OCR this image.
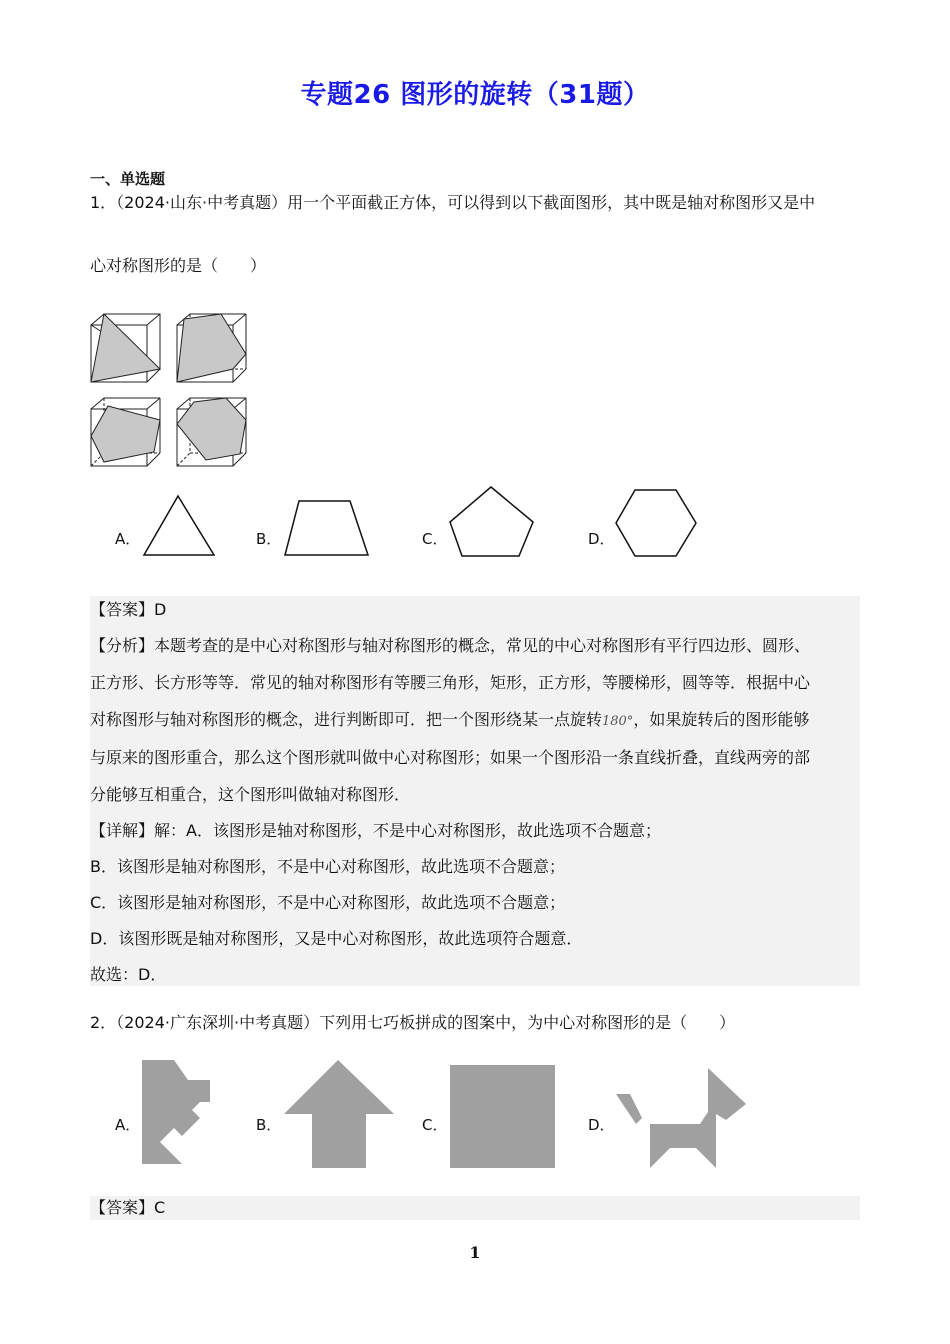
专题26 图形的旋转（31题）
一、单选题
1．（2024·山东·中考真题）用一个平面截正方体，可以得到以下截面图形，其中既是轴对称图形又是中
心对称图形的是（　　）
A．	B．	C．	D．
【答案】D
【分析】本题考查的是中心对称图形与轴对称图形的概念，常见的中心对称图形有平行四边形、圆形、
正方形、长方形等等．常见的轴对称图形有等腰三角形，矩形，正方形，等腰梯形，圆等等．根据中心
对称图形与轴对称图形的概念，进行判断即可．把一个图形绕某一点旋转180°，如果旋转后的图形能够
与原来的图形重合，那么这个图形就叫做中心对称图形；如果一个图形沿一条直线折叠，直线两旁的部
分能够互相重合，这个图形叫做轴对称图形．
【详解】解：A．该图形是轴对称图形，不是中心对称图形，故此选项不合题意；
B．该图形是轴对称图形，不是中心对称图形，故此选项不合题意；
C．该图形是轴对称图形，不是中心对称图形，故此选项不合题意；
D．该图形既是轴对称图形，又是中心对称图形，故此选项符合题意．
故选：D．
2．（2024·广东深圳·中考真题）下列用七巧板拼成的图案中，为中心对称图形的是（　　）
A．	B．	C．	D．
【答案】C
1
